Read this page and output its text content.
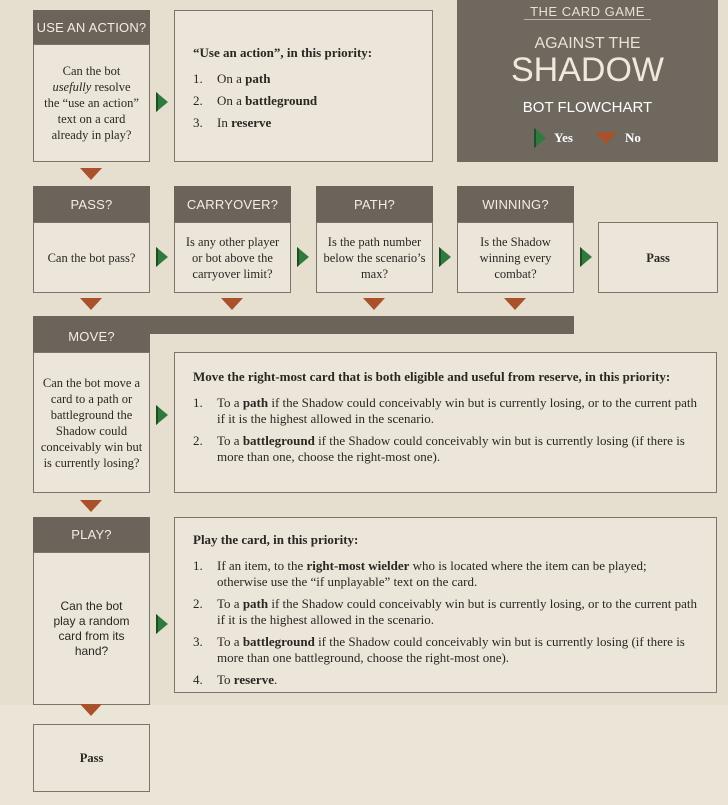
THE CARD GAME
AGAINST THE
SHADOW
BOT FLOWCHART
Yes	No
USE AN ACTION?
Can the bot usefully resolve the “use an action” text on a card already in play?
“Use an action”, in this priority:
1.	On a path
2.	On a battleground
3.	In reserve
PASS?
Can the bot pass?
CARRYOVER?
Is any other player or bot above the carryover limit?
PATH?
Is the path number below the scenario’s max?
WINNING?
Is the Shadow winning every combat?
Pass
MOVE?
Can the bot move a card to a path or battleground the Shadow could conceivably win but is currently losing?
Move the right-most card that is both eligible and useful from reserve, in this priority:
1.	To a path if the Shadow could conceivably win but is currently losing, or to the current path if it is the highest allowed in the scenario.
2.	To a battleground if the Shadow could conceivably win but is currently losing (if there is more than one, choose the right-most one).
PLAY?
Can the bot play a random card from its hand?
Play the card, in this priority:
1.	If an item, to the right-most wielder who is located where the item can be played; otherwise use the “if unplayable” text on the card.
2.	To a path if the Shadow could conceivably win but is currently losing, or to the current path if it is the highest allowed in the scenario.
3.	To a battleground if the Shadow could conceivably win but is currently losing (if there is more than one battleground, choose the right-most one).
4.	To reserve.
Pass
